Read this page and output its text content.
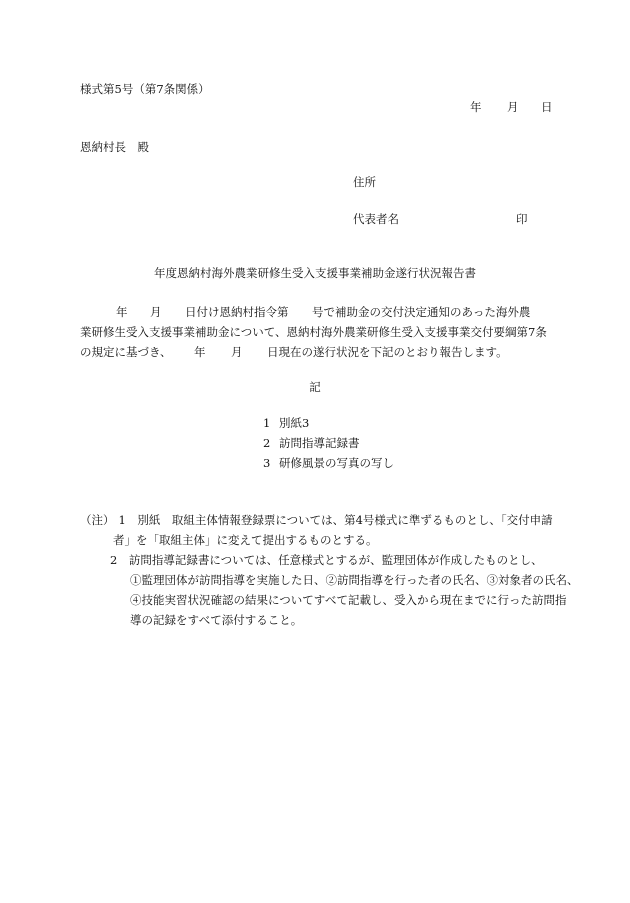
様式第5号（第7条関係）
年 月 日
恩納村長　殿
住所
代表者名	印
年度恩納村海外農業研修生受入支援事業補助金遂行状況報告書
年 月 日付け恩納村指令第 号で補助金の交付決定通知のあった海外農
業研修生受入支援事業補助金について、恩納村海外農業研修生受入支援事業交付要綱第7条
の規定に基づき、 年 月 日現在の遂行状況を下記のとおり報告します。
記
1 別紙3
2 訪問指導記録書
3 研修風景の写真の写し
（注） 1　別紙　取組主体情報登録票については、第4号様式に準ずるものとし、「交付申請
者」を「取組主体」に変えて提出するものとする。
2　訪問指導記録書については、任意様式とするが、監理団体が作成したものとし、
①監理団体が訪問指導を実施した日、②訪問指導を行った者の氏名、③対象者の氏名、
④技能実習状況確認の結果についてすべて記載し、受入から現在までに行った訪問指
導の記録をすべて添付すること。
